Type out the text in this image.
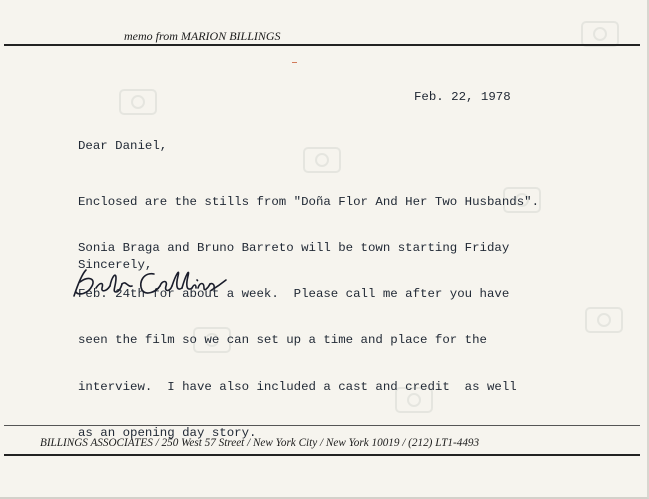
memo from MARION BILLINGS
Feb. 22, 1978
Dear Daniel,

Enclosed are the stills from "Doña Flor And Her Two Husbands".

Sonia Braga and Bruno Barreto will be town starting Friday

Feb. 24th for about a week.  Please call me after you have

seen the film so we can set up a time and place for the

interview.  I have also included a cast and credit  as well

as an opening day story.

Sincerely,
BILLINGS ASSOCIATES / 250 West 57 Street / New York City / New York 10019 / (212) LT1-4493
